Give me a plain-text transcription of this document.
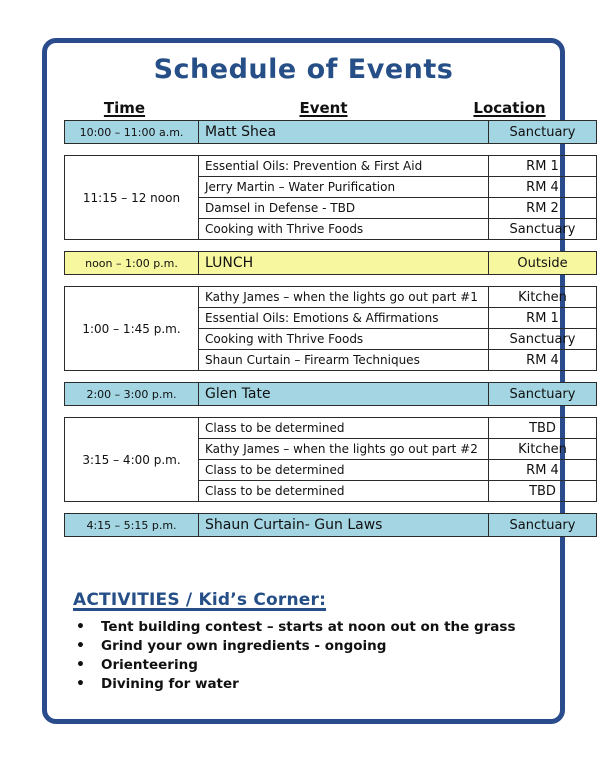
Schedule of Events
Time	Event	Location
10:00 – 11:00 a.m.	Matt Shea	Sanctuary
11:15 – 12 noon	Essential Oils: Prevention & First Aid	RM 1
	Jerry Martin – Water Purification	RM 4
	Damsel in Defense - TBD	RM 2
	Cooking with Thrive Foods	Sanctuary
noon – 1:00 p.m.	LUNCH	Outside
1:00 – 1:45 p.m.	Kathy James – when the lights go out part #1	Kitchen
	Essential Oils: Emotions & Affirmations	RM 1
	Cooking with Thrive Foods	Sanctuary
	Shaun Curtain – Firearm Techniques	RM 4
2:00 – 3:00 p.m.	Glen Tate	Sanctuary
3:15 – 4:00 p.m.	Class to be determined	TBD
	Kathy James – when the lights go out part #2	Kitchen
	Class to be determined	RM 4
	Class to be determined	TBD
4:15 – 5:15 p.m.	Shaun Curtain- Gun Laws	Sanctuary
ACTIVITIES / Kid’s Corner:
• Tent building contest – starts at noon out on the grass
• Grind your own ingredients - ongoing
• Orienteering
• Divining for water
